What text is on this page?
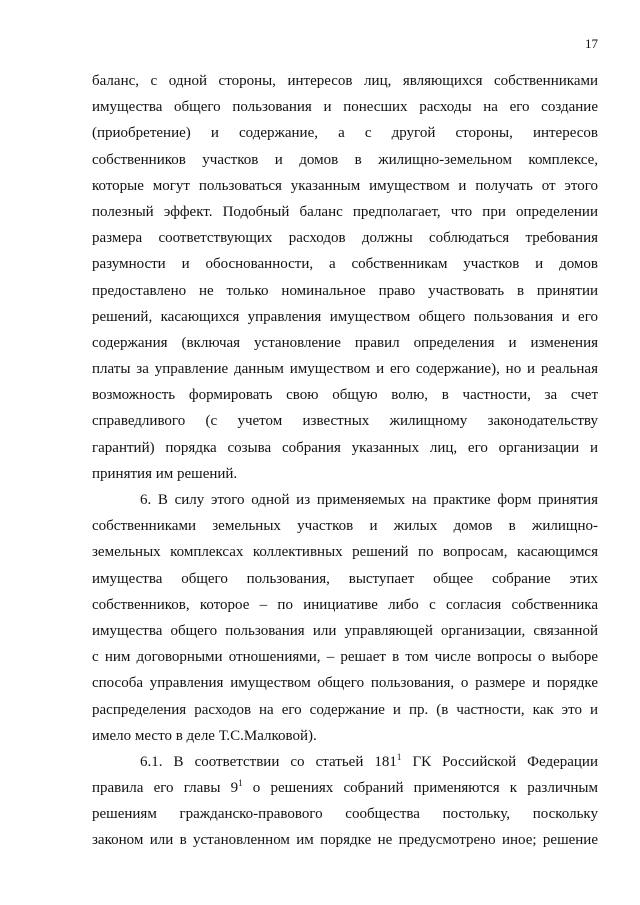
17
баланс, с одной стороны, интересов лиц, являющихся собственниками
имущества общего пользования и понесших расходы на его создание
(приобретение) и содержание, а с другой стороны, интересов
собственников участков и домов в жилищно-земельном комплексе,
которые могут пользоваться указанным имуществом и получать от этого
полезный эффект. Подобный баланс предполагает, что при определении
размера соответствующих расходов должны соблюдаться требования
разумности и обоснованности, а собственникам участков и домов
предоставлено не только номинальное право участвовать в принятии
решений, касающихся управления имуществом общего пользования и его
содержания (включая установление правил определения и изменения
платы за управление данным имуществом и его содержание), но и реальная
возможность формировать свою общую волю, в частности, за счет
справедливого (с учетом известных жилищному законодательству
гарантий) порядка созыва собрания указанных лиц, его организации и
принятия им решений.
6. В силу этого одной из применяемых на практике форм принятия
собственниками земельных участков и жилых домов в жилищно-
земельных комплексах коллективных решений по вопросам, касающимся
имущества общего пользования, выступает общее собрание этих
собственников, которое – по инициативе либо с согласия собственника
имущества общего пользования или управляющей организации, связанной
с ним договорными отношениями, – решает в том числе вопросы о выборе
способа управления имуществом общего пользования, о размере и порядке
распределения расходов на его содержание и пр. (в частности, как это и
имело место в деле Т.С.Малковой).
6.1. В соответствии со статьей $181^1$ ГК Российской Федерации
правила его главы $9^1$ о решениях собраний применяются к различным
решениям гражданско-правового сообщества постольку, поскольку
законом или в установленном им порядке не предусмотрено иное; решение
